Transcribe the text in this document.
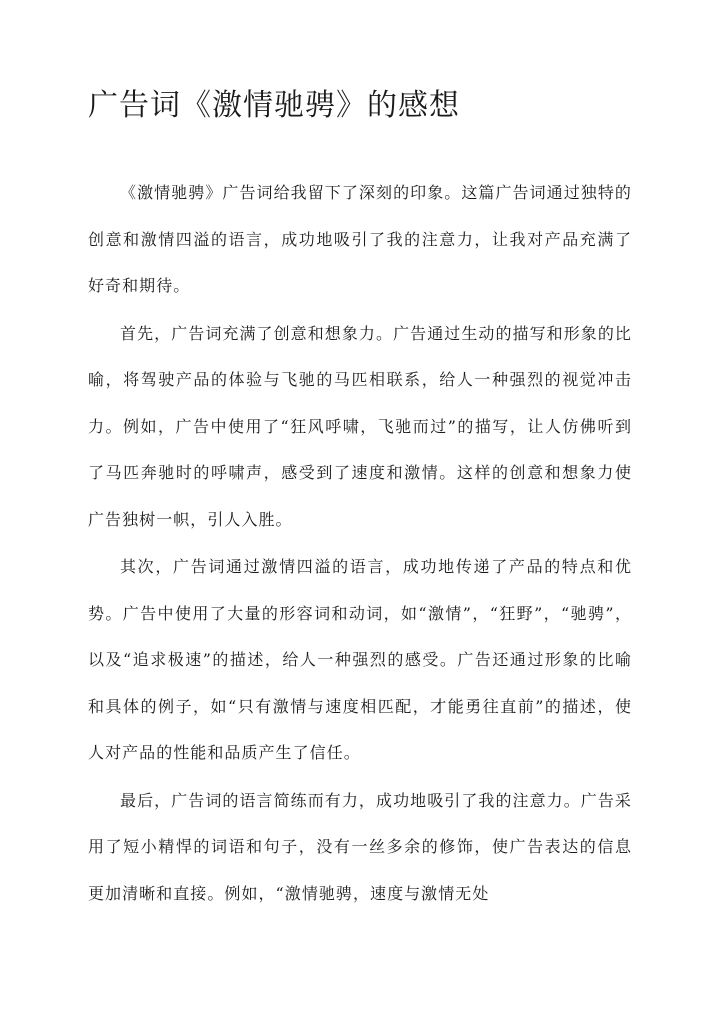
广告词《激情驰骋》的感想

《激情驰骋》广告词给我留下了深刻的印象。这篇广告词通过独特的创意和激情四溢的语言，成功地吸引了我的注意力，让我对产品充满了好奇和期待。

首先，广告词充满了创意和想象力。广告通过生动的描写和形象的比喻，将驾驶产品的体验与飞驰的马匹相联系，给人一种强烈的视觉冲击力。例如，广告中使用了“狂风呼啸，飞驰而过”的描写，让人仿佛听到了马匹奔驰时的呼啸声，感受到了速度和激情。这样的创意和想象力使广告独树一帜，引人入胜。

其次，广告词通过激情四溢的语言，成功地传递了产品的特点和优势。广告中使用了大量的形容词和动词，如“激情”，“狂野”，“驰骋”，以及“追求极速”的描述，给人一种强烈的感受。广告还通过形象的比喻和具体的例子，如“只有激情与速度相匹配，才能勇往直前”的描述，使人对产品的性能和品质产生了信任。

最后，广告词的语言简练而有力，成功地吸引了我的注意力。广告采用了短小精悍的词语和句子，没有一丝多余的修饰，使广告表达的信息更加清晰和直接。例如，“激情驰骋，速度与激情无处
